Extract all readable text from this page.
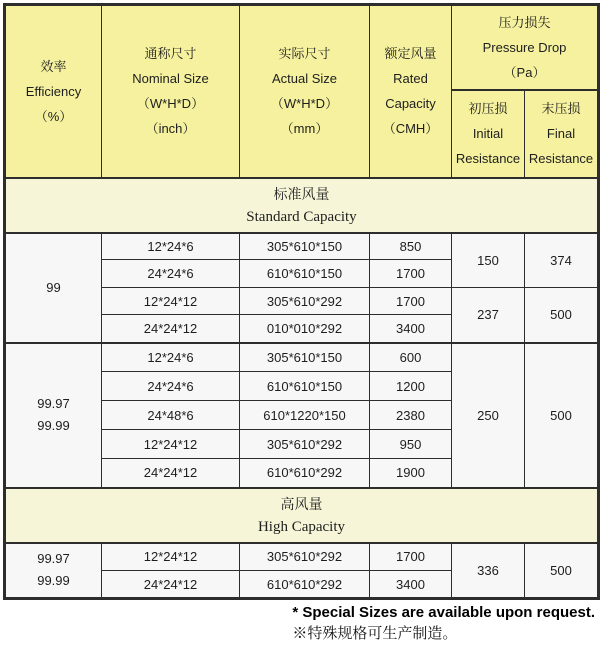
效率
Efficiency
（%）

通称尺寸
Nominal Size
（W*H*D）
（inch）

实际尺寸
Actual Size
（W*H*D）
（mm）

额定风量
Rated
Capacity
（CMH）

压力损失
Pressure Drop
（Pa）

初压损
Initial
Resistance

末压损
Final
Resistance

标准风量
Standard Capacity					

99	12*24*6	305*610*150	850	150	374
	24*24*6	610*610*150	1700		
	12*24*12	305*610*292	1700	237	500
	24*24*12	010*010*292	3400		

99.97
99.99	12*24*6	305*610*150	600	250	500
	24*24*6	610*610*150	1200		
	24*48*6	610*1220*150	2380		
	12*24*12	305*610*292	950		
	24*24*12	610*610*292	1900		

高风量
High Capacity					

99.97
99.99	12*24*12	305*610*292	1700	336	500
	24*24*12	610*610*292	3400		
* Special Sizes are available upon request.
※特殊规格可生产制造。
